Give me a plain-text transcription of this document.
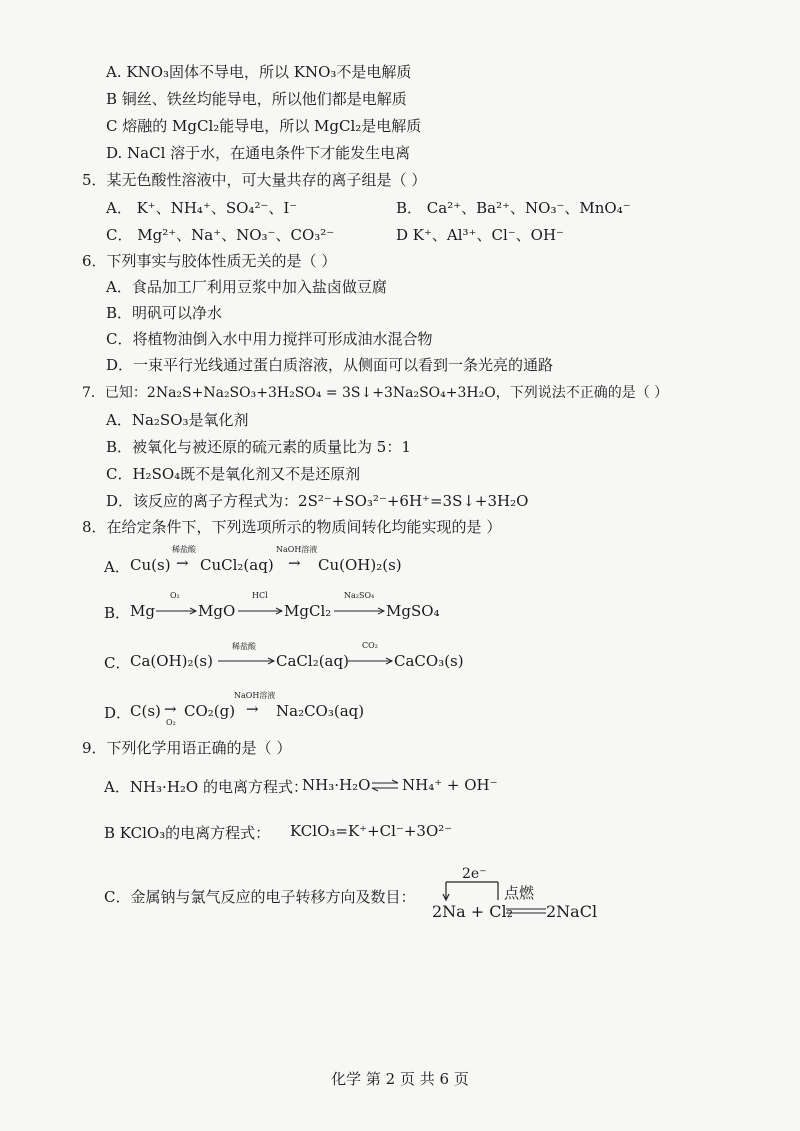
A. KNO₃固体不导电，所以 KNO₃不是电解质
B 铜丝、铁丝均能导电，所以他们都是电解质
C 熔融的 MgCl₂能导电，所以 MgCl₂是电解质
D. NaCl 溶于水，在通电条件下才能发生电离
5．某无色酸性溶液中，可大量共存的离子组是（ ）
A． K⁺、NH₄⁺、SO₄²⁻、I⁻	B． Ca²⁺、Ba²⁺、NO₃⁻、MnO₄⁻
C． Mg²⁺、Na⁺、NO₃⁻、CO₃²⁻	D K⁺、Al³⁺、Cl⁻、OH⁻
6．下列事实与胶体性质无关的是（ ）
A．食品加工厂利用豆浆中加入盐卤做豆腐
B．明矾可以净水
C．将植物油倒入水中用力搅拌可形成油水混合物
D．一束平行光线通过蛋白质溶液，从侧面可以看到一条光亮的通路
7．已知：2Na₂S+Na₂SO₃+3H₂SO₄ = 3S↓+3Na₂SO₄+3H₂O，下列说法不正确的是（ ）
A．Na₂SO₃是氧化剂
B．被氧化与被还原的硫元素的质量比为 5：1
C．H₂SO₄既不是氧化剂又不是还原剂
D．该反应的离子方程式为：2S²⁻+SO₃²⁻+6H⁺=3S↓+3H₂O
8．在给定条件下，下列选项所示的物质间转化均能实现的是 ）
A． Cu(s)
稀盐酸
→ CuCl₂(aq)
NaOH溶液
→ Cu(OH)₂(s)
B． Mg
O₂
MgO
HCl
MgCl₂
Na₂SO₄
MgSO₄
C． Ca(OH)₂(s)
稀盐酸
CaCl₂(aq)
CO₂
CaCO₃(s)
D．
C(s) →
O₂
CO₂(g)
NaOH溶液
→ Na₂CO₃(aq)
9．下列化学用语正确的是（ ）
A．NH₃·H₂O 的电离方程式：
NH₃·H₂O ⇌ NH₄⁺ + OH⁻
B KClO₃的电离方程式： KClO₃=K⁺+Cl⁻+3O²⁻
C．金属钠与氯气反应的电子转移方向及数目：
2e⁻
点燃
2Na + Cl₂ 2NaCl
化学 第 2 页 共 6 页
